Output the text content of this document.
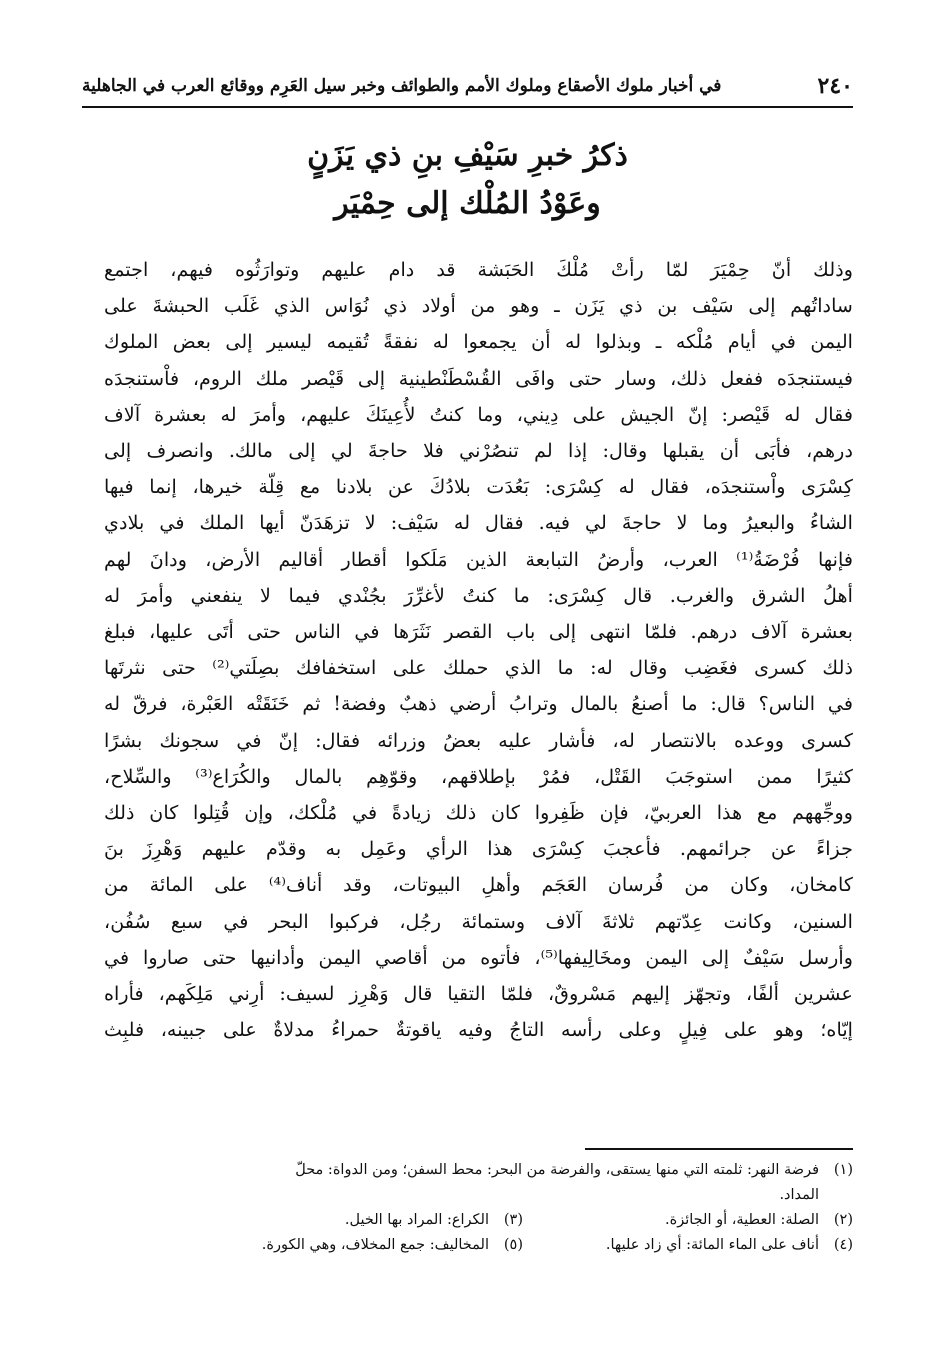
٢٤٠
في أخبار ملوك الأصقاع وملوك الأمم والطوائف وخبر سيل العَرِم ووقائع العرب في الجاهلية
ذكرُ خبرِ سَيْفِ بنِ ذي يَزَنٍ
وعَوْدُ المُلْك إلى حِمْيَر
وذلك أنّ حِمْيَرَ لمّا رأتْ مُلْكَ الحَبَشة قد دام عليهم وتوارَثُوه فيهم، اجتمع
ساداتُهم إلى سَيْف بن ذي يَزَن ـ وهو من أولاد ذي نُوَاس الذي غَلَب الحبشةَ على
اليمن في أيام مُلْكه ـ وبذلوا له أن يجمعوا له نفقةً تُقيمه ليسير إلى بعض الملوك
فيستنجدَه ففعل ذلك، وسار حتى وافَى القُسْطَنْطينية إلى قَيْصر ملك الروم، فاْستنجدَه
فقال له قَيْصر: إنّ الجيش على دِيني، وما كنتُ لأُعِينَكَ عليهم، وأمرَ له بعشرة آلاف
درهم، فأبَى أن يقبلها وقال: إذا لم تنصُرْني فلا حاجةَ لي إلى مالك. وانصرف إلى
كِسْرَى واْستنجدَه، فقال له كِسْرَى: بَعُدَت بلادُكَ عن بلادنا مع قِلّة خيرها، إنما فيها
الشاءُ والبعيرُ وما لا حاجةَ لي فيه. فقال له سَيْف: لا تزهَدَنّ أيها الملك في بلادي
فإنها فُرْضَةُ⁽¹⁾ العرب، وأرضُ التبابعة الذين مَلَكوا أقطار أقاليم الأرض، ودانَ لهم
أهلُ الشرق والغرب. قال كِسْرَى: ما كنتُ لأغرِّرَ بجُنْدي فيما لا ينفعني وأمرَ له
بعشرة آلاف درهم. فلمّا انتهى إلى باب القصر نَثَرَها في الناس حتى أتَى عليها، فبلغ
ذلك كسرى فغَضِب وقال له: ما الذي حملك على استخفافك بصِلَتي⁽²⁾ حتى نثرتَها
في الناس؟ قال: ما أصنعُ بالمال وترابُ أرضي ذهبٌ وفضة! ثم خَنَقَتْه العَبْرة، فرقّ له
كسرى ووعده بالانتصار له، فأشار عليه بعضُ وزرائه فقال: إنّ في سجونك بشرًا
كثيرًا ممن استوجَبَ القَتْل، فمُرْ بإطلاقهم، وقوّهِم بالمال والكُرَاع⁽³⁾ والسِّلاح،
ووجِّههم مع هذا العربيّ، فإن ظَفِروا كان ذلك زيادةً في مُلْكك، وإن قُتِلوا كان ذلك
جزاءً عن جرائمهم. فأعجبَ كِسْرَى هذا الرأي وعَمِل به وقدّم عليهم وَهْرِزَ بنَ
كامخان، وكان من فُرسان العَجَم وأهلِ البيوتات، وقد أناف⁽⁴⁾ على المائة من
السنين، وكانت عِدّتهم ثلاثةَ آلاف وستمائة رجُل، فركبوا البحر في سبع سُفُن،
وأرسل سَيْفٌ إلى اليمن ومخَالِيفها⁽⁵⁾، فأتوه من أقاصي اليمن وأدانيها حتى صاروا في
عشرين ألفًا، وتجهّز إليهم مَسْروقٌ، فلمّا التقيا قال وَهْرِز لسيف: أرِني مَلِكَهم، فأراه
إيّاه؛ وهو على فِيلٍ وعلى رأسه التاجُ وفيه ياقوتةٌ حمراءُ مدلاةٌ على جبينه، فلبِث
(١)
فرضة النهر: ثلمته التي منها يستقى، والفرضة من البحر: محط السفن؛ ومن الدواة: محلّ
المداد.
(٢)
الصلة: العطية، أو الجائزة.
(٣)
الكراع: المراد بها الخيل.
(٤)
أناف على الماء المائة: أي زاد عليها.
(٥)
المخاليف: جمع المخلاف، وهي الكورة.
